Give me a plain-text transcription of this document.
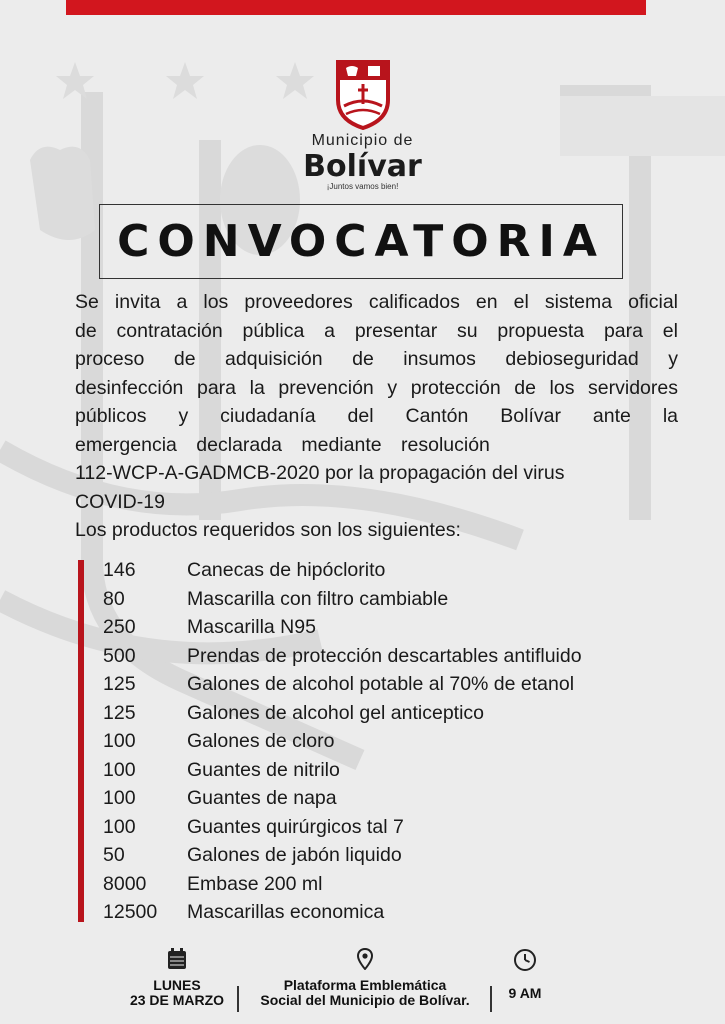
Municipio de
Bolívar
¡Juntos vamos bien!
CONVOCATORIA
Se invita a los proveedores calificados en el sistema oficial
de contratación pública a presentar su propuesta para el
proceso de adquisición de insumos debioseguridad y
desinfección para la prevención y protección de los servidores
públicos y ciudadanía del Cantón Bolívar ante la
emergencia declarada mediante resolución
112-WCP-A-GADMCB-2020 por la propagación del virus
COVID-19
Los productos requeridos son los siguientes:
146	Canecas de hipóclorito
80	Mascarilla con filtro cambiable
250	Mascarilla N95
500	Prendas de protección descartables antifluido
125	Galones de alcohol potable al 70% de etanol
125	Galones de alcohol gel anticeptico
100	Galones de cloro
100	Guantes de nitrilo
100	Guantes de napa
100	Guantes quirúrgicos tal 7
50	Galones de jabón liquido
8000	Embase 200 ml
12500	Mascarillas economica
LUNES
23 DE MARZO
Plataforma Emblemática
Social del Municipio de Bolívar.	9 AM
